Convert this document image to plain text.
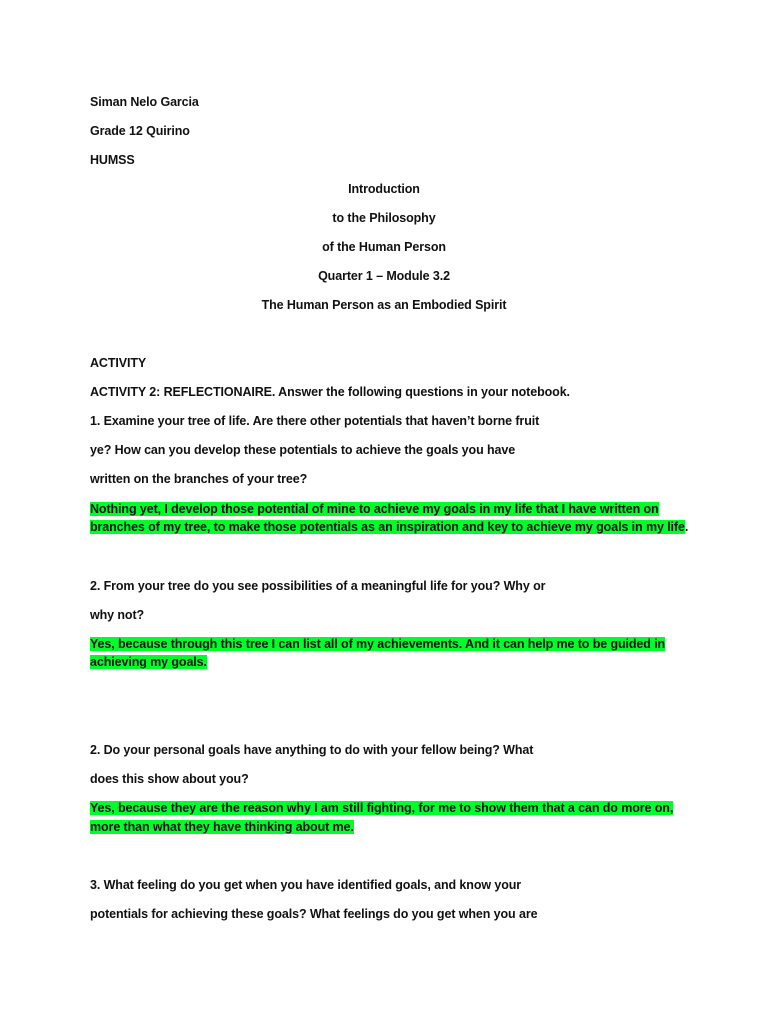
Siman Nelo Garcia
Grade 12 Quirino
HUMSS
Introduction
to the Philosophy
of the Human Person
Quarter 1 – Module 3.2
The Human Person as an Embodied Spirit
ACTIVITY
ACTIVITY 2: REFLECTIONAIRE. Answer the following questions in your notebook.
1. Examine your tree of life. Are there other potentials that haven’t borne fruit
ye? How can you develop these potentials to achieve the goals you have
written on the branches of your tree?
Nothing yet, I develop those potential of mine to achieve my goals in my life that I have written on
branches of my tree, to make those potentials as an inspiration and key to achieve my goals in my life.
2. From your tree do you see possibilities of a meaningful life for you? Why or
why not?
Yes, because through this tree I can list all of my achievements. And it can help me to be guided in
achieving my goals.
2. Do your personal goals have anything to do with your fellow being? What
does this show about you?
Yes, because they are the reason why I am still fighting, for me to show them that a can do more on,
more than what they have thinking about me.
3. What feeling do you get when you have identified goals, and know your
potentials for achieving these goals? What feelings do you get when you are
